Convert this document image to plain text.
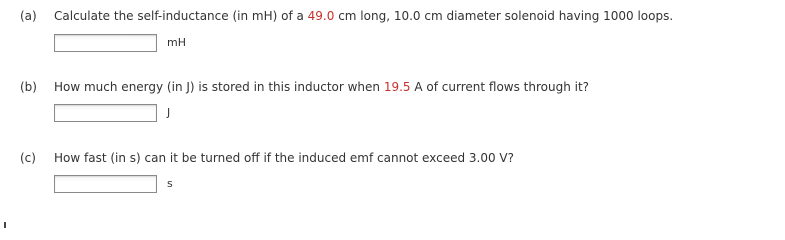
(a) Calculate the self-inductance (in mH) of a 49.0 cm long, 10.0 cm diameter solenoid having 1000 loops.
mH
(b) How much energy (in J) is stored in this inductor when 19.5 A of current flows through it?
J
(c) How fast (in s) can it be turned off if the induced emf cannot exceed 3.00 V?
s
